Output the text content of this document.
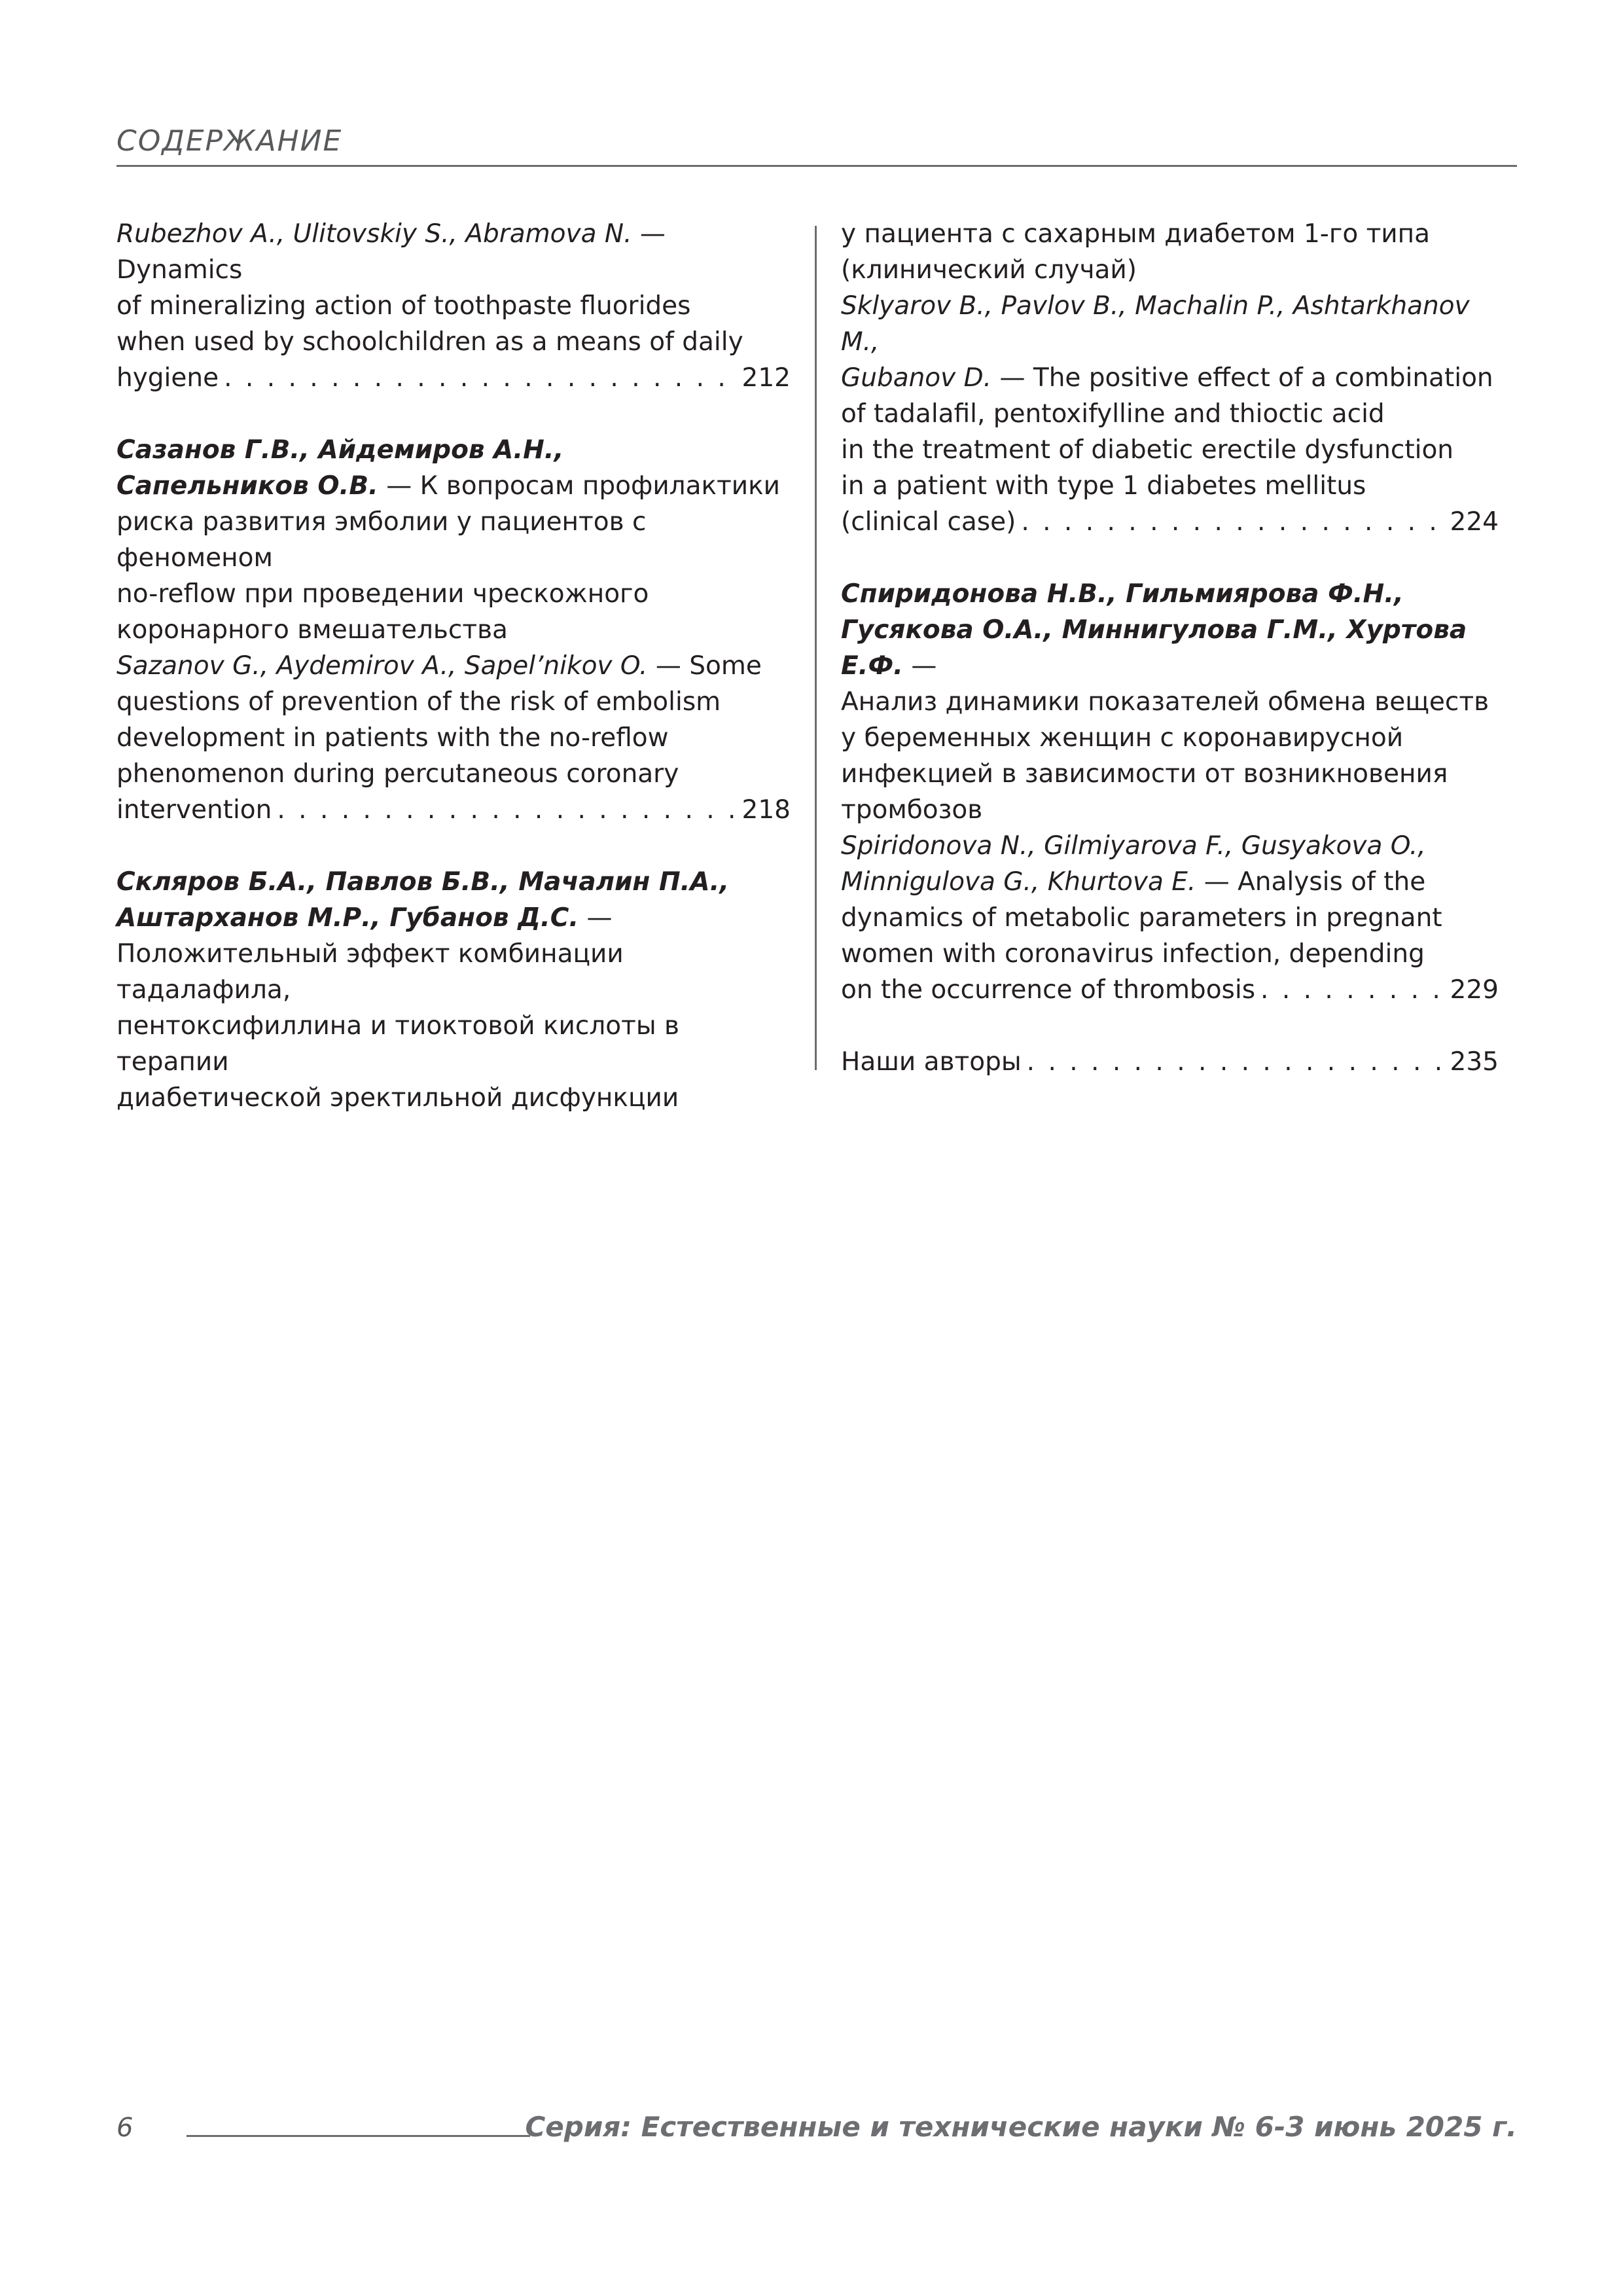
СОДЕРЖАНИЕ

Rubezhov A., Ulitovskiy S., Abramova N. — Dynamics

of mineralizing action of toothpaste fluorides

when used by schoolchildren as a means of daily

hygiene . . .	212

Сазанов Г.В., Айдемиров А.Н.,

Сапельников О.В. — К вопросам профилактики

риска развития эмболии у пациентов с феноменом

no-reflow при проведении чрескожного

коронарного вмешательства

Sazanov G., Aydemirov A., Sapel’nikov O. — Some

questions of prevention of the risk of embolism

development in patients with the no-reflow

phenomenon during percutaneous coronary

intervention . . .	218

Скляров Б.А., Павлов Б.В., Мачалин П.А.,

Аштарханов М.Р., Губанов Д.С. —

Положительный эффект комбинации тадалафила,

пентоксифиллина и тиоктовой кислоты в терапии

диабетической эректильной дисфункции

у пациента с сахарным диабетом 1-го типа

(клинический случай)

Sklyarov B., Pavlov B., Machalin P., Ashtarkhanov M.,

Gubanov D. — The positive effect of a combination

of tadalafil, pentoxifylline and thioctic acid

in the treatment of diabetic erectile dysfunction

in a patient with type 1 diabetes mellitus

(clinical case) . . .	224

Спиридонова Н.В., Гильмиярова Ф.Н.,

Гусякова О.А., Миннигулова Г.М., Хуртова Е.Ф. —

Анализ динамики показателей обмена веществ

у беременных женщин с коронавирусной

инфекцией в зависимости от возникновения

тромбозов

Spiridonova N., Gilmiyarova F., Gusyakova O.,

Minnigulova G., Khurtova E. — Analysis of the

dynamics of metabolic parameters in pregnant

women with coronavirus infection, depending

on the occurrence of thrombosis . . .	229

Наши авторы . . .	235

6	Серия: Естественные и технические науки № 6-3 июнь 2025 г.
